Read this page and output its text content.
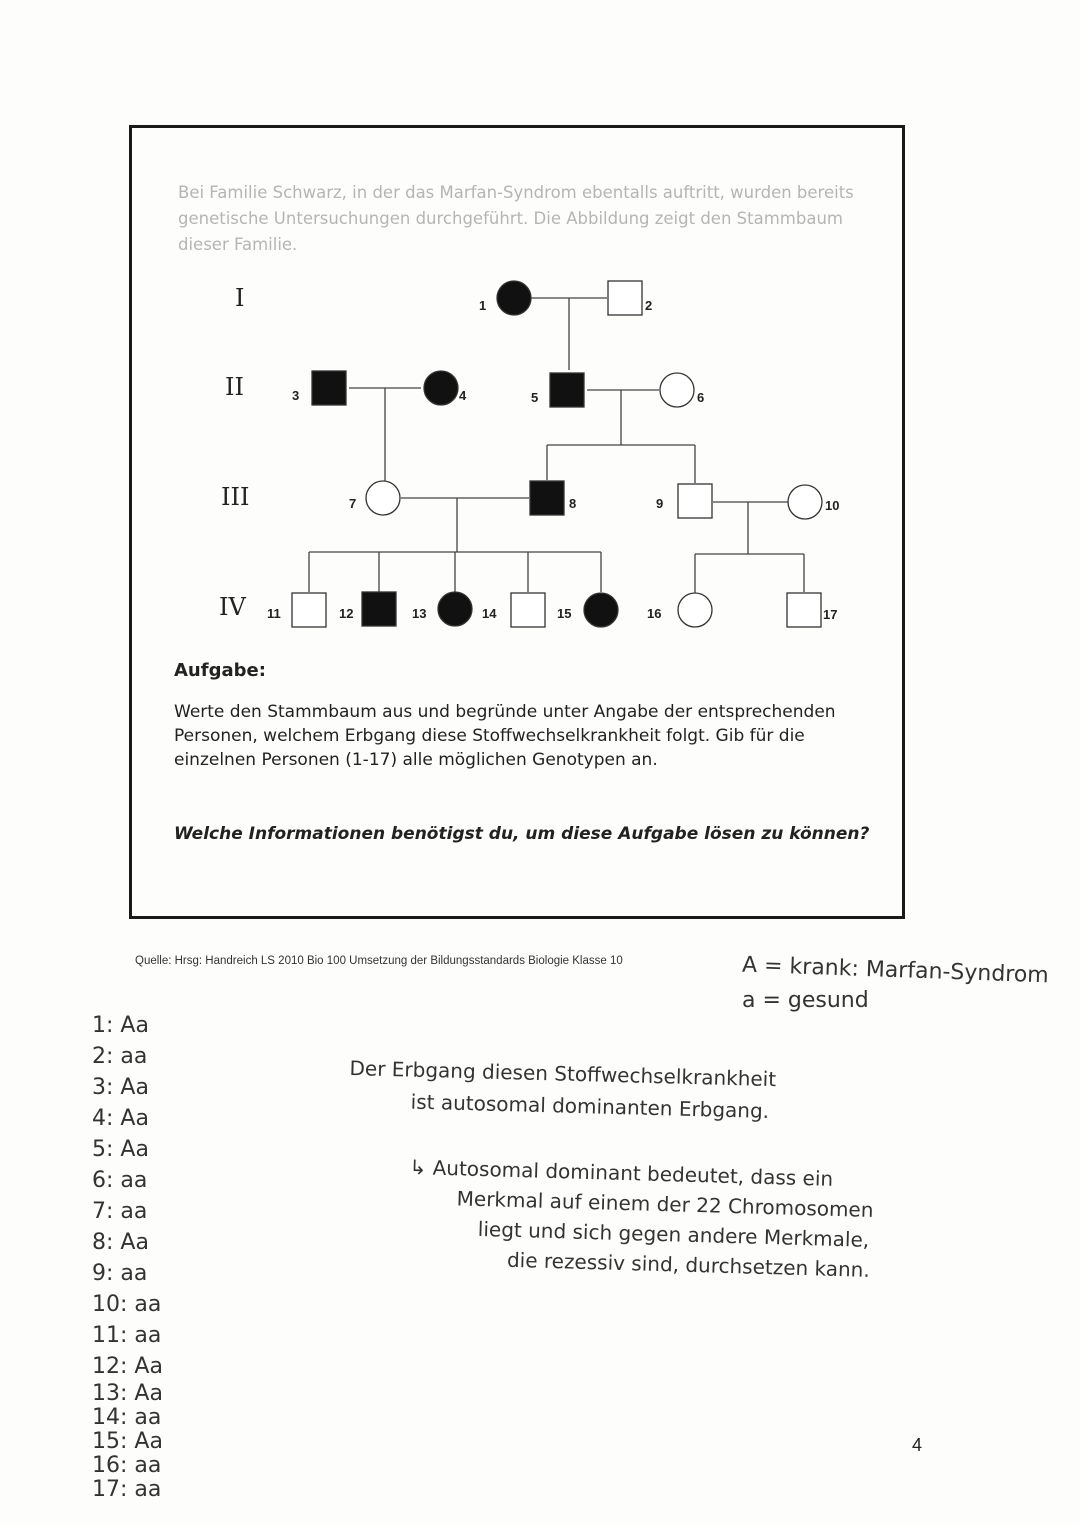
Bei Familie Schwarz, in der das Marfan-Syndrom ebentalls auftritt, wurden bereits genetische Untersuchungen durchgeführt. Die Abbildung zeigt den Stammbaum dieser Familie.

I
II
III
IV
1	2
3	4	5	6
7	8	9	10
11	12	13	14	15	16	17

Aufgabe:

Werte den Stammbaum aus und begründe unter Angabe der entsprechenden Personen, welchem Erbgang diese Stoffwechselkrankheit folgt. Gib für die einzelnen Personen (1-17) alle möglichen Genotypen an.

Welche Informationen benötigst du, um diese Aufgabe lösen zu können?

Quelle: Hrsg: Handreich LS 2010 Bio 100 Umsetzung der Bildungsstandards Biologie Klasse 10	A = krank: Marfan-Syndrom
a = gesund
1: Aa
2: aa
3: Aa
4: Aa
5: Aa
6: aa
7: aa
8: Aa
9: aa
10: aa
11: aa
12: Aa
13: Aa
14: aa
15: Aa
16: aa
17: aa
Der Erbgang diesen Stoffwechselkrankheit
ist autosomal dominanten Erbgang.
↳ Autosomal dominant bedeutet, dass ein
Merkmal auf einem der 22 Chromosomen
liegt und sich gegen andere Merkmale,
die rezessiv sind, durchsetzen kann.
4
